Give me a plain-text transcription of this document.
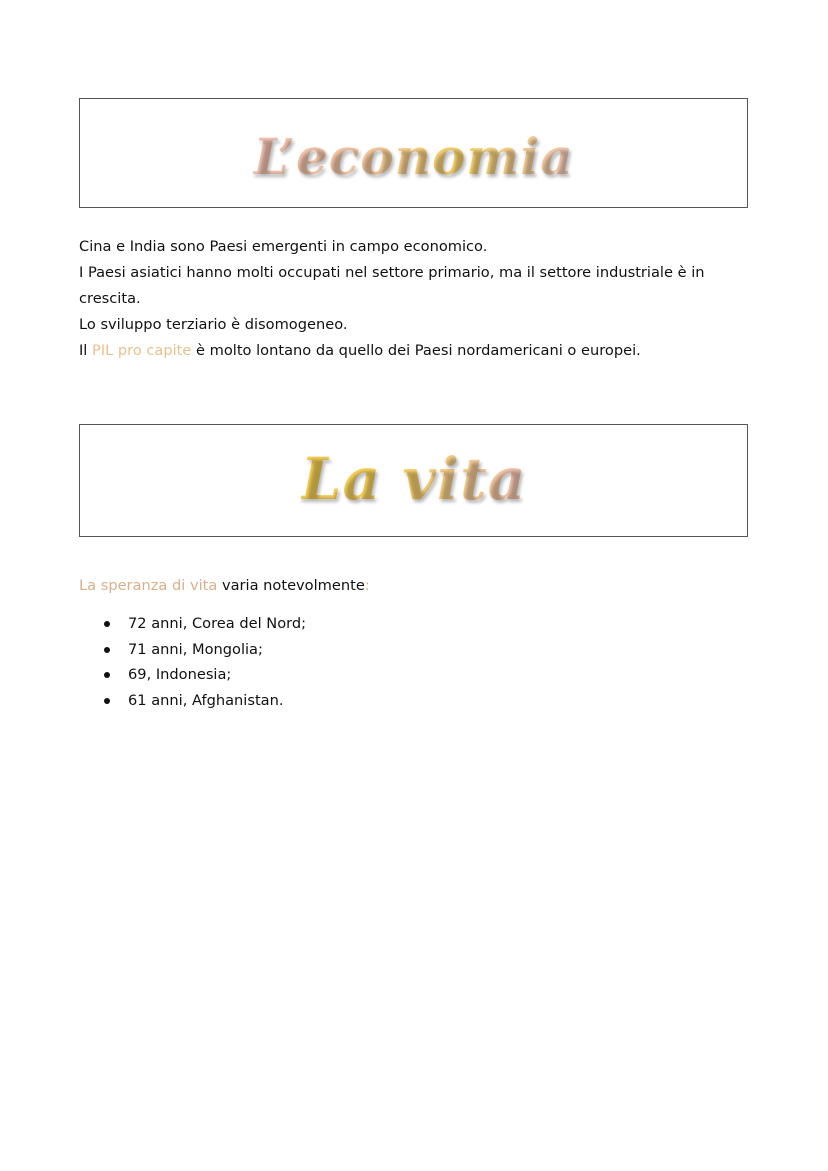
L’economia

Cina e India sono Paesi emergenti in campo economico.

I Paesi asiatici hanno molti occupati nel settore primario, ma il settore industriale è in crescita.

Lo sviluppo terziario è disomogeneo.

Il PIL pro capite è molto lontano da quello dei Paesi nordamericani o europei.

La vita
La speranza di vita varia notevolmente:
72 anni, Corea del Nord;
71 anni, Mongolia;
69, Indonesia;
61 anni, Afghanistan.
